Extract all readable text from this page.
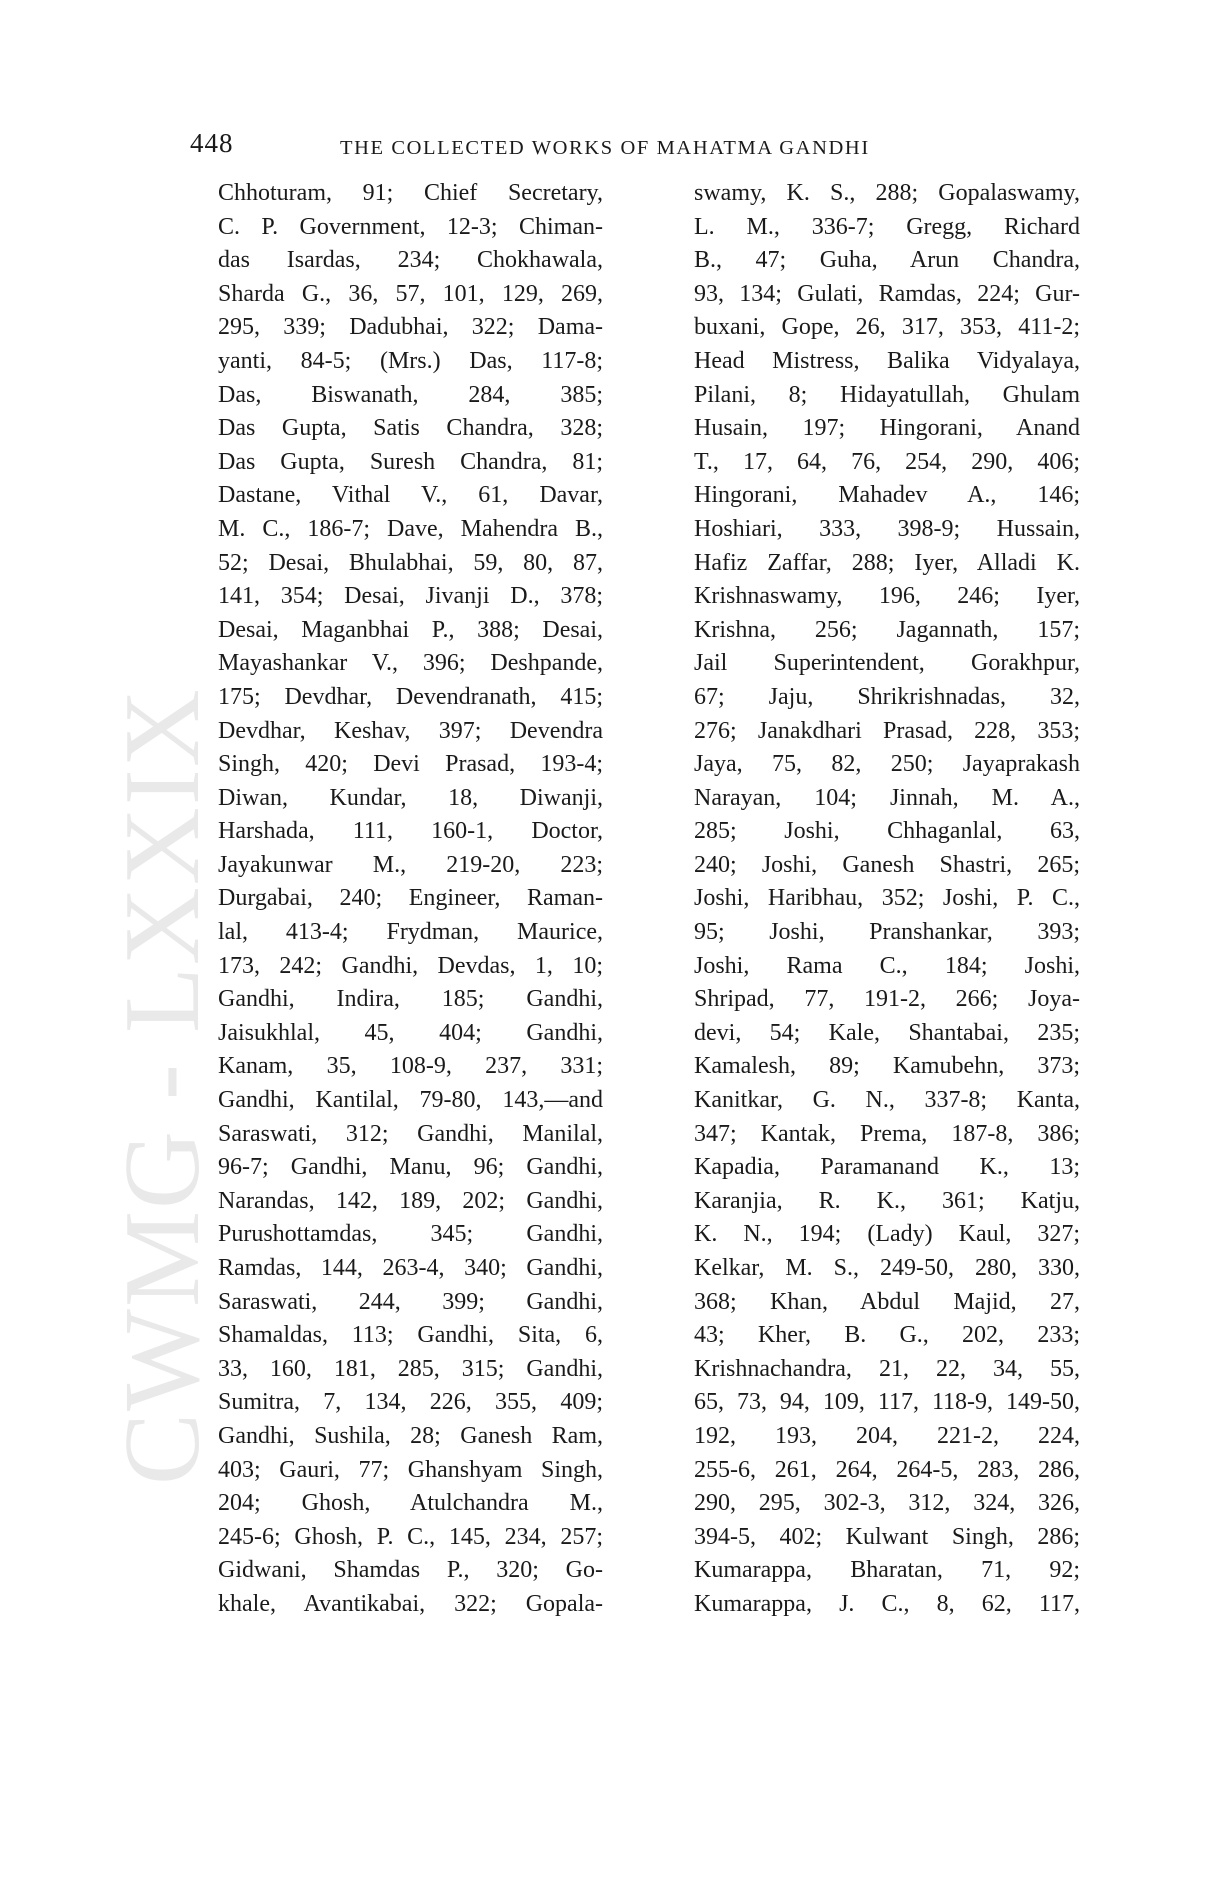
CWMG - LXXIX
448	THE COLLECTED WORKS OF MAHATMA GANDHI
Chhoturam, 91; Chief Secretary,
C. P. Government, 12-3; Chiman-
das Isardas, 234; Chokhawala,
Sharda G., 36, 57, 101, 129, 269,
295, 339; Dadubhai, 322; Dama-
yanti, 84-5; (Mrs.) Das, 117-8;
Das, Biswanath, 284, 385;
Das Gupta, Satis Chandra, 328;
Das Gupta, Suresh Chandra, 81;
Dastane, Vithal V., 61, Davar,
M. C., 186-7; Dave, Mahendra B.,
52; Desai, Bhulabhai, 59, 80, 87,
141, 354; Desai, Jivanji D., 378;
Desai, Maganbhai P., 388; Desai,
Mayashankar V., 396; Deshpande,
175; Devdhar, Devendranath, 415;
Devdhar, Keshav, 397; Devendra
Singh, 420; Devi Prasad, 193-4;
Diwan, Kundar, 18, Diwanji,
Harshada, 111, 160-1, Doctor,
Jayakunwar M., 219-20, 223;
Durgabai, 240; Engineer, Raman-
lal, 413-4; Frydman, Maurice,
173, 242; Gandhi, Devdas, 1, 10;
Gandhi, Indira, 185; Gandhi,
Jaisukhlal, 45, 404; Gandhi,
Kanam, 35, 108-9, 237, 331;
Gandhi, Kantilal, 79-80, 143,—and
Saraswati, 312; Gandhi, Manilal,
96-7; Gandhi, Manu, 96; Gandhi,
Narandas, 142, 189, 202; Gandhi,
Purushottamdas, 345; Gandhi,
Ramdas, 144, 263-4, 340; Gandhi,
Saraswati, 244, 399; Gandhi,
Shamaldas, 113; Gandhi, Sita, 6,
33, 160, 181, 285, 315; Gandhi,
Sumitra, 7, 134, 226, 355, 409;
Gandhi, Sushila, 28; Ganesh Ram,
403; Gauri, 77; Ghanshyam Singh,
204; Ghosh, Atulchandra M.,
245-6; Ghosh, P. C., 145, 234, 257;
Gidwani, Shamdas P., 320; Go-
khale, Avantikabai, 322; Gopala-
swamy, K. S., 288; Gopalaswamy,
L. M., 336-7; Gregg, Richard
B., 47; Guha, Arun Chandra,
93, 134; Gulati, Ramdas, 224; Gur-
buxani, Gope, 26, 317, 353, 411-2;
Head Mistress, Balika Vidyalaya,
Pilani, 8; Hidayatullah, Ghulam
Husain, 197; Hingorani, Anand
T., 17, 64, 76, 254, 290, 406;
Hingorani, Mahadev A., 146;
Hoshiari, 333, 398-9; Hussain,
Hafiz Zaffar, 288; Iyer, Alladi K.
Krishnaswamy, 196, 246; Iyer,
Krishna, 256; Jagannath, 157;
Jail Superintendent, Gorakhpur,
67; Jaju, Shrikrishnadas, 32,
276; Janakdhari Prasad, 228, 353;
Jaya, 75, 82, 250; Jayaprakash
Narayan, 104; Jinnah, M. A.,
285; Joshi, Chhaganlal, 63,
240; Joshi, Ganesh Shastri, 265;
Joshi, Haribhau, 352; Joshi, P. C.,
95; Joshi, Pranshankar, 393;
Joshi, Rama C., 184; Joshi,
Shripad, 77, 191-2, 266; Joya-
devi, 54; Kale, Shantabai, 235;
Kamalesh, 89; Kamubehn, 373;
Kanitkar, G. N., 337-8; Kanta,
347; Kantak, Prema, 187-8, 386;
Kapadia, Paramanand K., 13;
Karanjia, R. K., 361; Katju,
K. N., 194; (Lady) Kaul, 327;
Kelkar, M. S., 249-50, 280, 330,
368; Khan, Abdul Majid, 27,
43; Kher, B. G., 202, 233;
Krishnachandra, 21, 22, 34, 55,
65, 73, 94, 109, 117, 118-9, 149-50,
192, 193, 204, 221-2, 224,
255-6, 261, 264, 264-5, 283, 286,
290, 295, 302-3, 312, 324, 326,
394-5, 402; Kulwant Singh, 286;
Kumarappa, Bharatan, 71, 92;
Kumarappa, J. C., 8, 62, 117,
